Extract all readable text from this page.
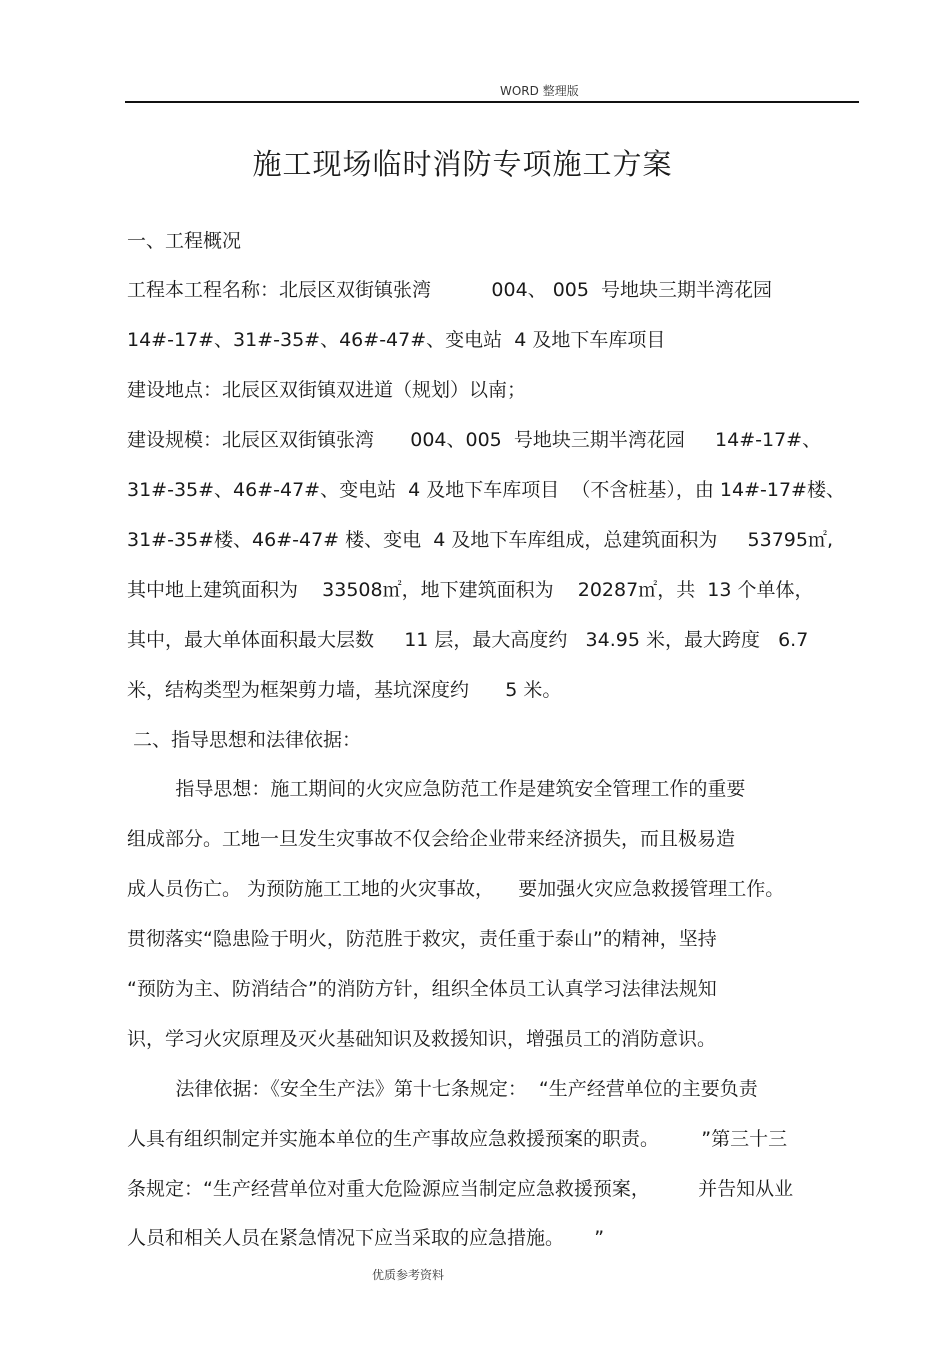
WORD 整理版
施工现场临时消防专项施工方案
一、工程概况
工程本工程名称：北辰区双街镇张湾          004、 005  号地块三期半湾花园
14#-17#、31#-35#、46#-47#、变电站  4 及地下车库项目
建设地点：北辰区双街镇双进道（规划）以南；
建设规模：北辰区双街镇张湾      004、005  号地块三期半湾花园     14#-17#、
31#-35#、46#-47#、变电站  4 及地下车库项目  （不含桩基），由 14#-17#楼、
31#-35#楼、46#-47# 楼、变电  4 及地下车库组成，总建筑面积为     53795㎡,
其中地上建筑面积为    33508㎡，地下建筑面积为    20287㎡，共  13 个单体，
其中，最大单体面积最大层数     11 层，最大高度约   34.95 米，最大跨度   6.7
米，结构类型为框架剪力墙，基坑深度约      5 米。
二、指导思想和法律依据：
指导思想：施工期间的火灾应急防范工作是建筑安全管理工作的重要
组成部分。工地一旦发生灾事故不仅会给企业带来经济损失，而且极易造
成人员伤亡。 为预防施工工地的火灾事故，    要加强火灾应急救援管理工作。
贯彻落实“隐患险于明火，防范胜于救灾，责任重于泰山”的精神，坚持
“预防为主、防消结合”的消防方针，组织全体员工认真学习法律法规知
识，学习火灾原理及灭火基础知识及救援知识，增强员工的消防意识。
法律依据：《安全生产法》第十七条规定：  “生产经营单位的主要负责
人具有组织制定并实施本单位的生产事故应急救援预案的职责。       ”第三十三
条规定：“生产经营单位对重大危险源应当制定应急救援预案，        并告知从业
人员和相关人员在紧急情况下应当采取的应急措施。     ”
优质参考资料
